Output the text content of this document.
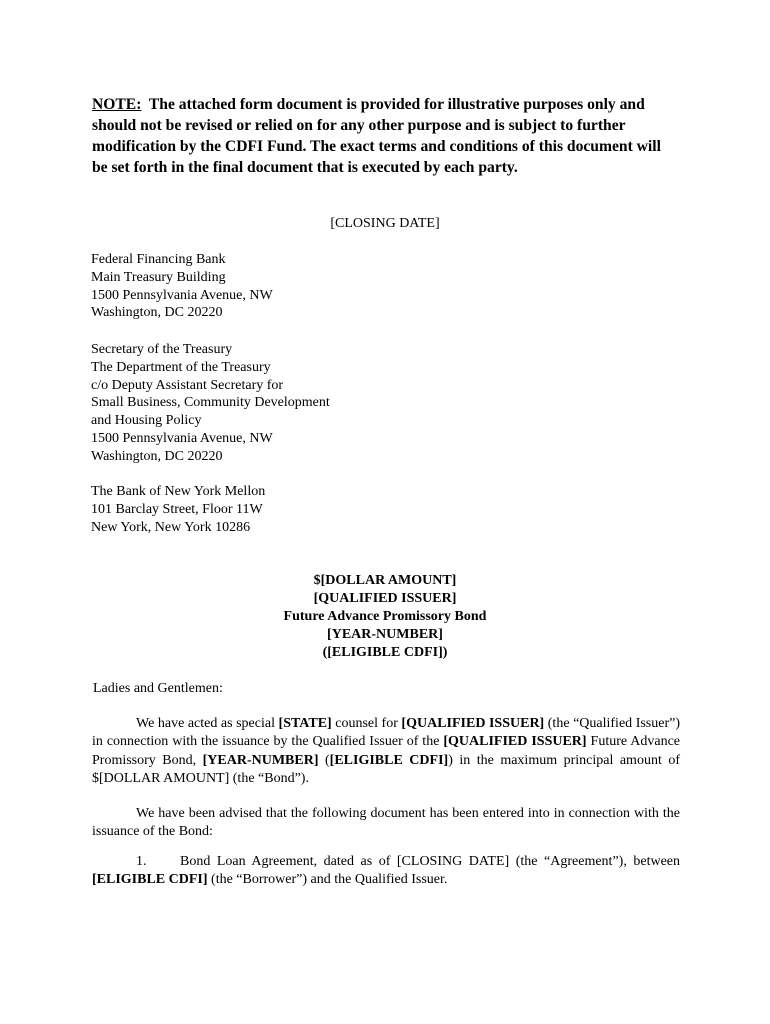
NOTE: The attached form document is provided for illustrative purposes only and should not be revised or relied on for any other purpose and is subject to further modification by the CDFI Fund. The exact terms and conditions of this document will be set forth in the final document that is executed by each party.
[CLOSING DATE]
Federal Financing Bank
Main Treasury Building
1500 Pennsylvania Avenue, NW
Washington, DC 20220
Secretary of the Treasury
The Department of the Treasury
c/o Deputy Assistant Secretary for
Small Business, Community Development
and Housing Policy
1500 Pennsylvania Avenue, NW
Washington, DC 20220
The Bank of New York Mellon
101 Barclay Street, Floor 11W
New York, New York 10286
$[DOLLAR AMOUNT]
[QUALIFIED ISSUER]
Future Advance Promissory Bond
[YEAR-NUMBER]
([ELIGIBLE CDFI])
Ladies and Gentlemen:
We have acted as special [STATE] counsel for [QUALIFIED ISSUER] (the “Qualified Issuer”) in connection with the issuance by the Qualified Issuer of the [QUALIFIED ISSUER] Future Advance Promissory Bond, [YEAR-NUMBER] ([ELIGIBLE CDFI]) in the maximum principal amount of $[DOLLAR AMOUNT] (the “Bond”).
We have been advised that the following document has been entered into in connection with the issuance of the Bond:
1. Bond Loan Agreement, dated as of [CLOSING DATE] (the “Agreement”), between [ELIGIBLE CDFI] (the “Borrower”) and the Qualified Issuer.
